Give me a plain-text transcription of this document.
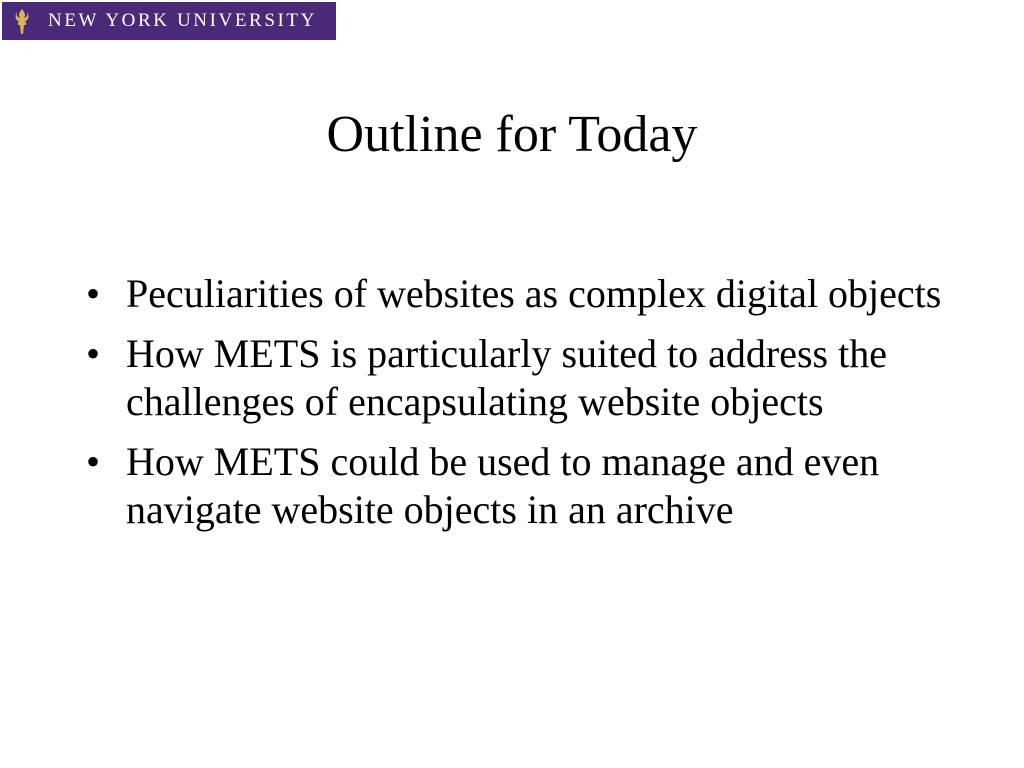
NEW YORK UNIVERSITY
Outline for Today
• Peculiarities of websites as complex digital objects
• How METS is particularly suited to address the challenges of encapsulating website objects
• How METS could be used to manage and even navigate website objects in an archive
